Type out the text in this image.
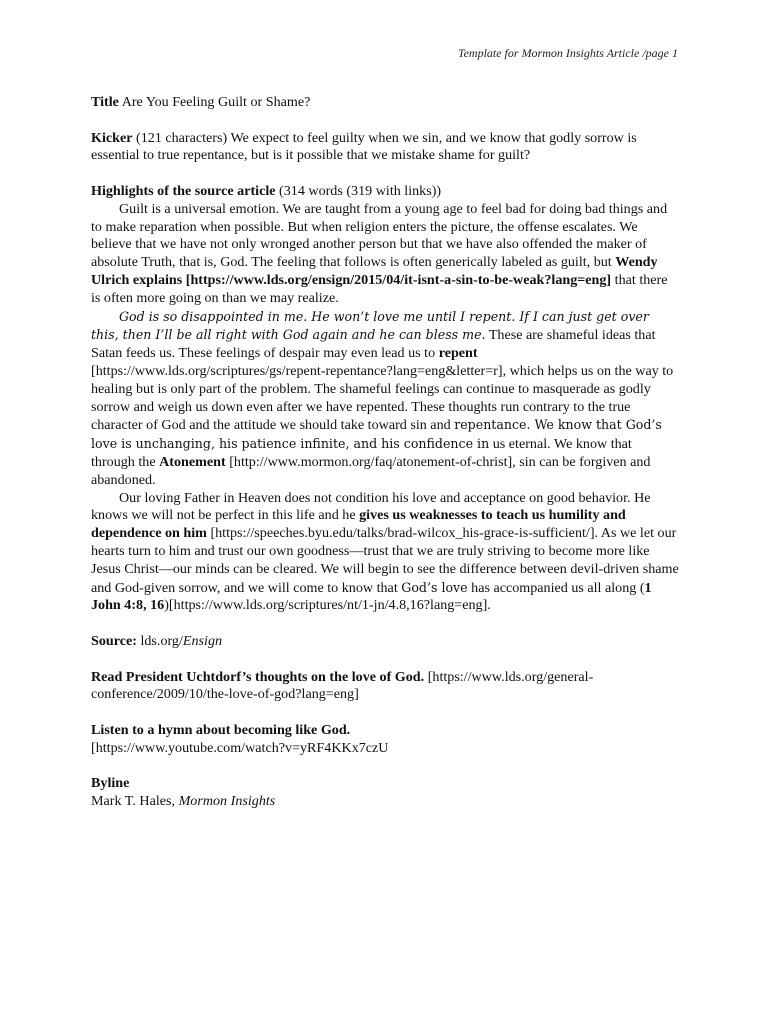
Template for Mormon Insights Article /page 1

Title Are You Feeling Guilt or Shame?

Kicker (121 characters) We expect to feel guilty when we sin, and we know that godly sorrow is essential to true repentance, but is it possible that we mistake shame for guilt?

Highlights of the source article (314 words (319 with links))

Guilt is a universal emotion. We are taught from a young age to feel bad for doing bad things and to make reparation when possible. But when religion enters the picture, the offense escalates. We believe that we have not only wronged another person but that we have also offended the maker of absolute Truth, that is, God. The feeling that follows is often generically labeled as guilt, but Wendy Ulrich explains [https://www.lds.org/ensign/2015/04/it-isnt-a-sin-to-be-weak?lang=eng] that there is often more going on than we may realize.

God is so disappointed in me. He won’t love me until I repent. If I can just get over this, then I’ll be all right with God again and he can bless me. These are shameful ideas that Satan feeds us. These feelings of despair may even lead us to repent [https://www.lds.org/scriptures/gs/repent-repentance?lang=eng&letter=r], which helps us on the way to healing but is only part of the problem. The shameful feelings can continue to masquerade as godly sorrow and weigh us down even after we have repented. These thoughts run contrary to the true character of God and the attitude we should take toward sin and repentance. We know that God’s love is unchanging, his patience infinite, and his confidence in us eternal. We know that through the Atonement [http://www.mormon.org/faq/atonement-of-christ], sin can be forgiven and abandoned.

Our loving Father in Heaven does not condition his love and acceptance on good behavior. He knows we will not be perfect in this life and he gives us weaknesses to teach us humility and dependence on him [https://speeches.byu.edu/talks/brad-wilcox_his-grace-is-sufficient/]. As we let our hearts turn to him and trust our own goodness—trust that we are truly striving to become more like Jesus Christ—our minds can be cleared. We will begin to see the difference between devil-driven shame and God-given sorrow, and we will come to know that God’s love has accompanied us all along (1 John 4:8, 16)[https://www.lds.org/scriptures/nt/1-jn/4.8,16?lang=eng].

Source: lds.org/Ensign

Read President Uchtdorf’s thoughts on the love of God. [https://www.lds.org/general-conference/2009/10/the-love-of-god?lang=eng]

Listen to a hymn about becoming like God.
[https://www.youtube.com/watch?v=yRF4KKx7czU

Byline

Mark T. Hales, Mormon Insights
